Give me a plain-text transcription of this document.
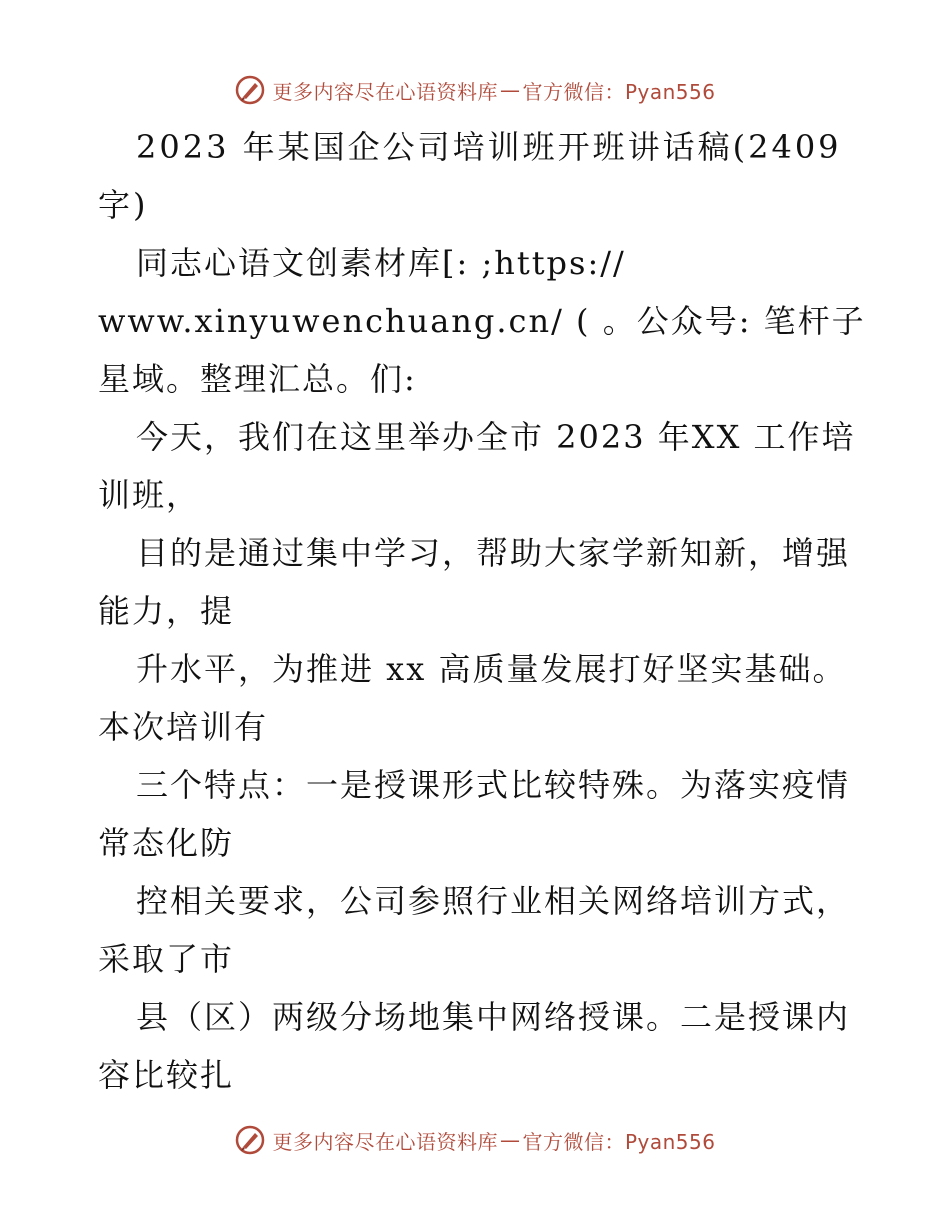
更多内容尽在心语资料库 — 官方微信：Pyan556

2023 年某国企公司培训班开班讲话稿(2409 字)

同志心语文创素材库[: ;https:// www.xinyuwenchuang.cn/ ( 。公众号: 笔杆子星域。整理汇总。们:

今天，我们在这里举办全市 2023 年XX 工作培训班，

目的是通过集中学习，帮助大家学新知新，增强能力，提

升水平，为推进 xx 高质量发展打好坚实基础。本次培训有

三个特点：一是授课形式比较特殊。为落实疫情常态化防

控相关要求，公司参照行业相关网络培训方式，采取了市

县（区）两级分场地集中网络授课。二是授课内容比较扎

更多内容尽在心语资料库 — 官方微信：Pyan556
